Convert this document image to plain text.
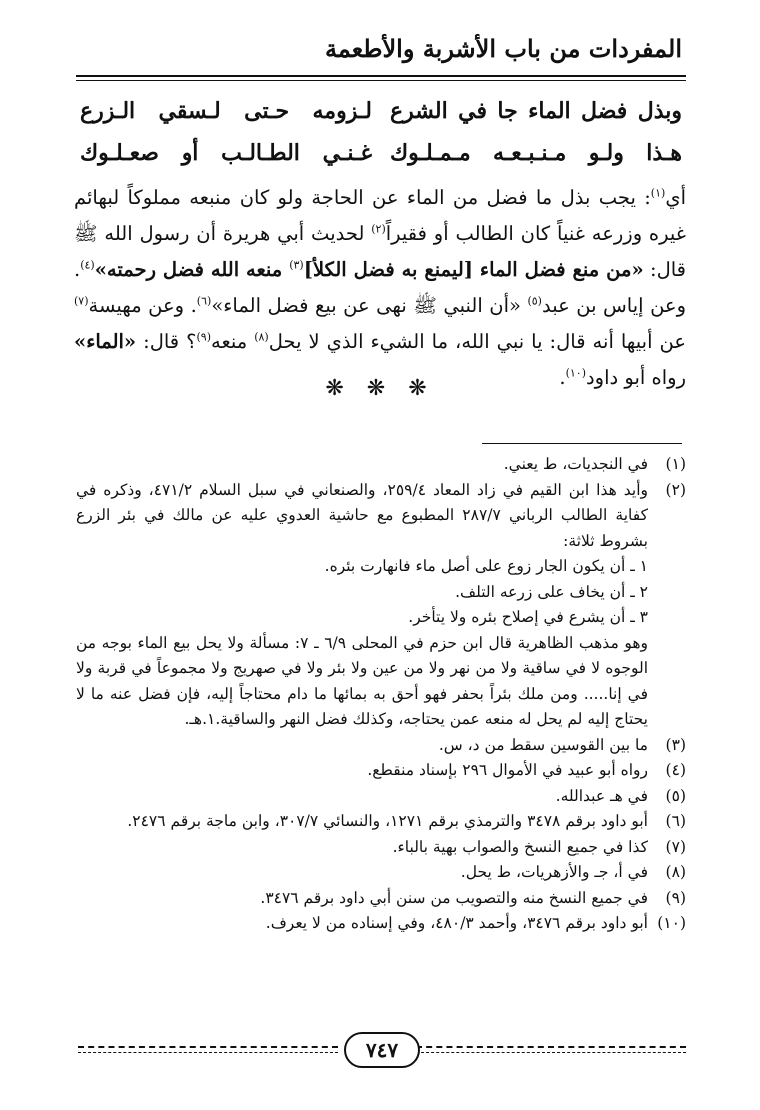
المفردات من باب الأشربة والأطعمة
وبذل فضل الماء جا في الشرع
لـزومه حـتى لـسقي الـزرع
هـذا ولـو مـنـبـعـه مـمـلـوك
غـنـي الطـالـب أو صعـلـوك

أي$^{(١)}$: يجب بذل ما فضل من الماء عن الحاجة ولو كان منبعه مملوكاً لبهائم غيره وزرعه غنياً كان الطالب أو فقيراً$^{(٢)}$ لحديث أبي هريرة أن رسول الله ﷺ قال: «من منع فضل الماء [ليمنع به فضل الكلأ]$^{(٣)}$ منعه الله فضل رحمته»$^{(٤)}$. وعن إياس بن عبد$^{(٥)}$ «أن النبي ﷺ نهى عن بيع فضل الماء»$^{(٦)}$. وعن مهيسة$^{(٧)}$ عن أبيها أنه قال: يا نبي الله، ما الشيء الذي لا يحل$^{(٨)}$ منعه$^{(٩)}$؟ قال: «الماء» رواه أبو داود$^{(١٠)}$.

❋ ❋ ❋
(١)
في النجديات، ط يعني.
(٢)
وأيد هذا ابن القيم في زاد المعاد ٢٥٩/٤، والصنعاني في سبل السلام ٤٧١/٢، وذكره في كفاية الطالب الرباني ٢٨٧/٧ المطبوع مع حاشية العدوي عليه عن مالك في بئر الزرع بشروط ثلاثة:
١ ـ أن يكون الجار زوع على أصل ماء فانهارت بئره.
٢ ـ أن يخاف على زرعه التلف.
٣ ـ أن يشرع في إصلاح بئره ولا يتأخر.
وهو مذهب الظاهرية قال ابن حزم في المحلى ٦/٩ ـ ٧: مسألة ولا يحل بيع الماء بوجه من الوجوه لا في ساقية ولا من نهر ولا من عين ولا بئر ولا في صهريج ولا مجموعاً في قربة ولا في إنا..... ومن ملك بئراً بحفر فهو أحق به بمائها ما دام محتاجاً إليه، فإن فضل عنه ما لا يحتاج إليه لم يحل له منعه عمن يحتاجه، وكذلك فضل النهر والساقية.١.هـ.
(٣)
ما بين القوسين سقط من د، س.
(٤)
رواه أبو عبيد في الأموال ٢٩٦ بإسناد منقطع.
(٥)
في هـ عبدالله.
(٦)
أبو داود برقم ٣٤٧٨ والترمذي برقم ١٢٧١، والنسائي ٣٠٧/٧، وابن ماجة برقم ٢٤٧٦.
(٧)
كذا في جميع النسخ والصواب بهية بالباء.
(٨)
في أ، جـ والأزهريات، ط يحل.
(٩)
في جميع النسخ منه والتصويب من سنن أبي داود برقم ٣٤٧٦.
(١٠)
أبو داود برقم ٣٤٧٦، وأحمد ٤٨٠/٣، وفي إسناده من لا يعرف.
٧٤٧
